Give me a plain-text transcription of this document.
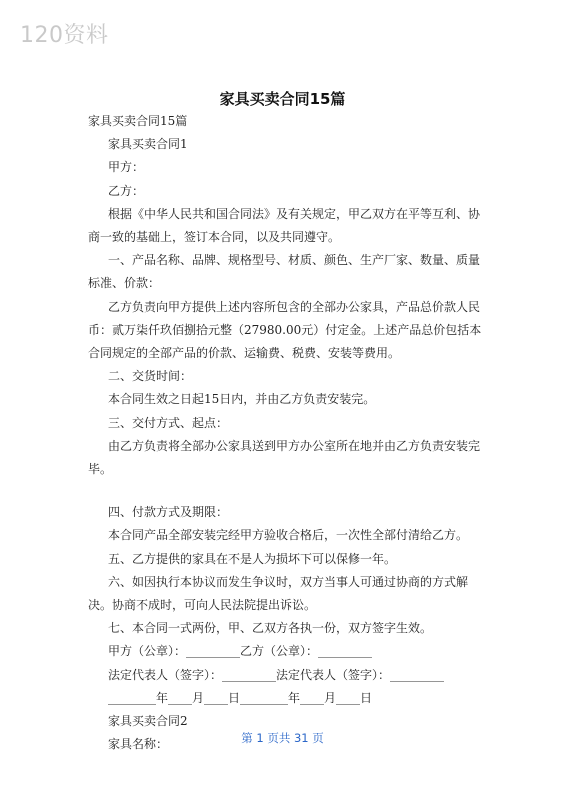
120资料
家具买卖合同15篇

家具买卖合同15篇

家具买卖合同1

甲方：

乙方：

根据《中华人民共和国合同法》及有关规定，甲乙双方在平等互利、协商一致的基础上，签订本合同，以及共同遵守。

一、产品名称、品牌、规格型号、材质、颜色、生产厂家、数量、质量标准、价款：

乙方负责向甲方提供上述内容所包含的全部办公家具，产品总价款人民币：贰万柒仟玖佰捌拾元整（27980.00元）付定金。上述产品总价包括本合同规定的全部产品的价款、运输费、税费、安装等费用。

二、交货时间：

本合同生效之日起15日内，并由乙方负责安装完。

三、交付方式、起点：

由乙方负责将全部办公家具送到甲方办公室所在地并由乙方负责安装完毕。

四、付款方式及期限：

本合同产品全部安装完经甲方验收合格后，一次性全部付清给乙方。

五、乙方提供的家具在不是人为损坏下可以保修一年。

六、如因执行本协议而发生争议时，双方当事人可通过协商的方式解决。协商不成时，可向人民法院提出诉讼。

七、本合同一式两份，甲、乙双方各执一份，双方签字生效。

甲方（公章）：_________乙方（公章）：_________

法定代表人（签字）：_________法定代表人（签字）：_________

________年____月____日________年____月____日

家具买卖合同2

家具名称：	第 1 页共 31 页
